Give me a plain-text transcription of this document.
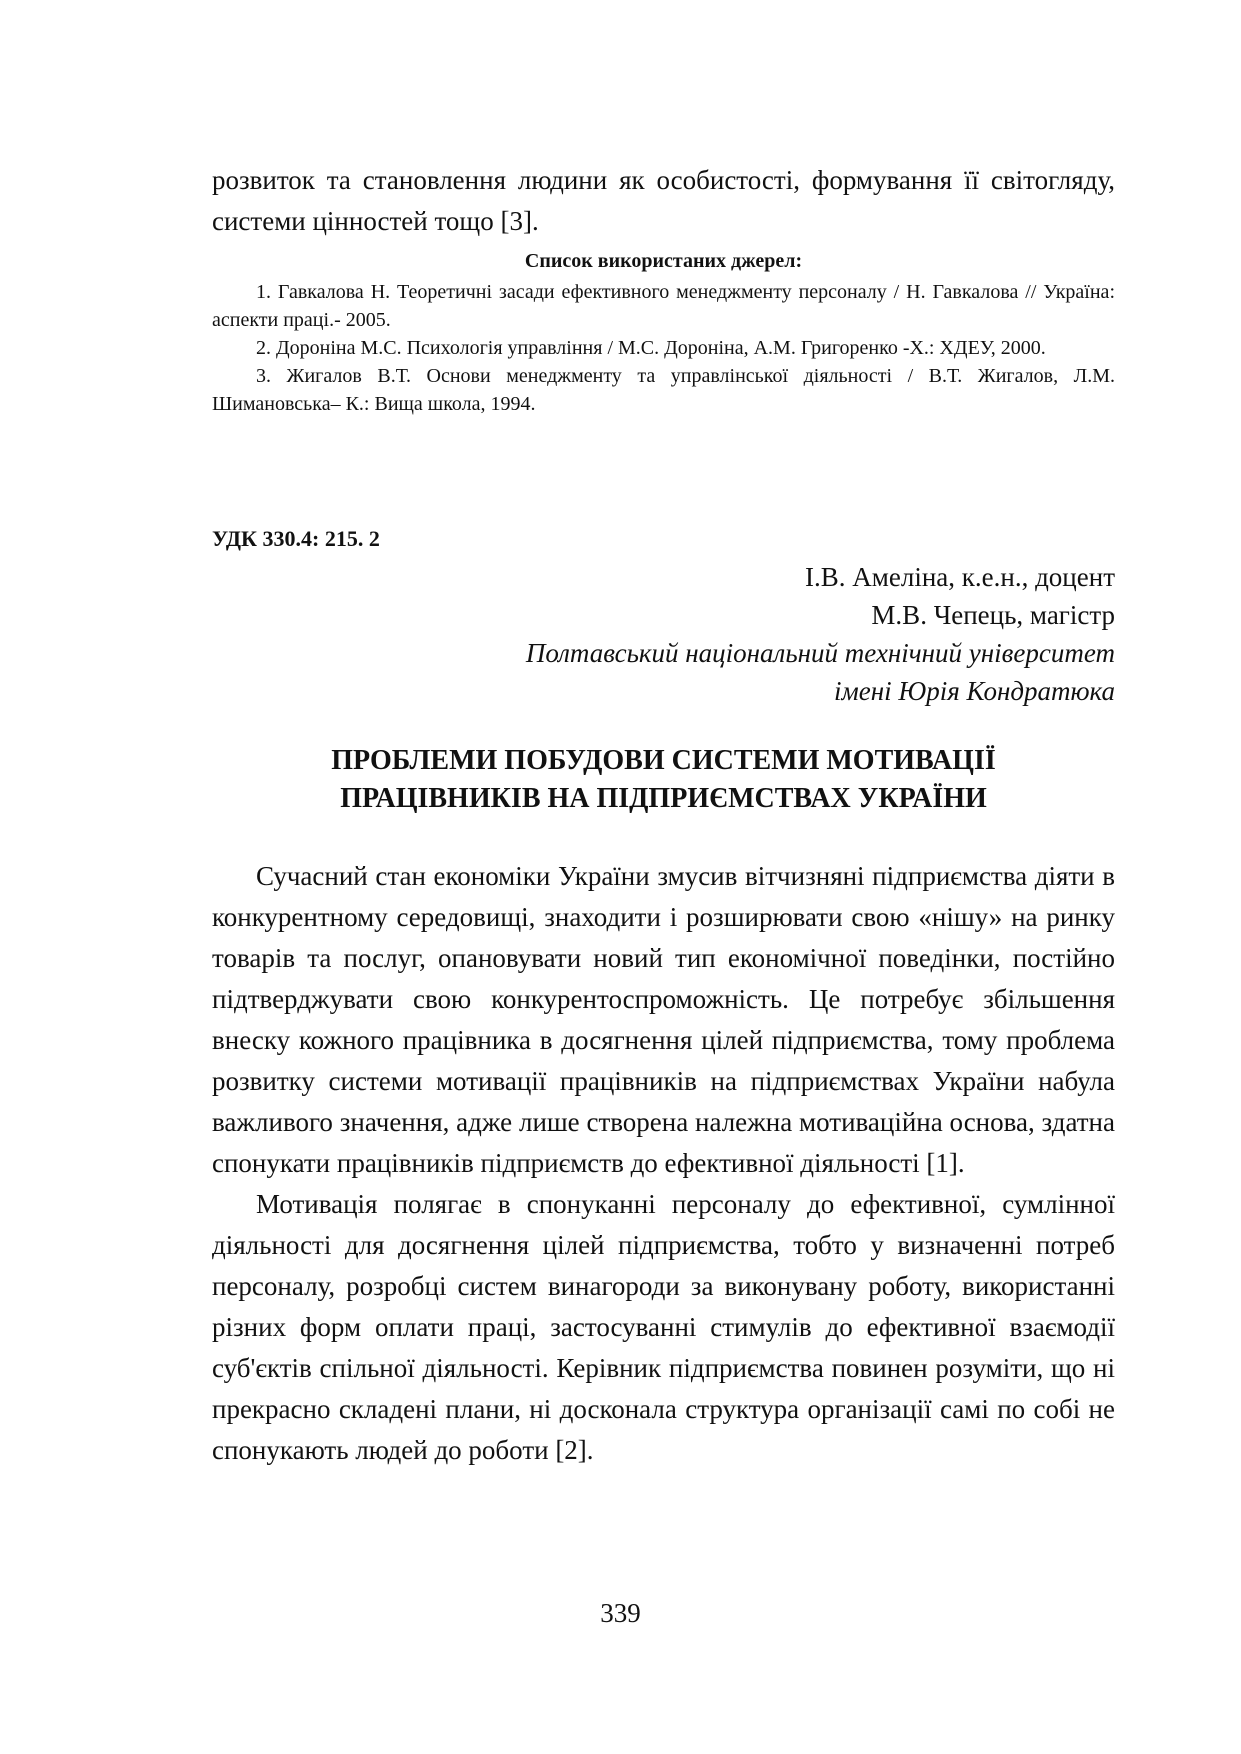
розвиток та становлення людини як особистості, формування її світогляду, системи цінностей тощо [3].

Список використаних джерел:

1. Гавкалова Н. Теоретичні засади ефективного менеджменту персоналу / Н. Гавкалова // Україна: аспекти праці.- 2005.

2. Дороніна М.С. Психологія управління / М.С. Дороніна, А.М. Григоренко -Х.: ХДЕУ, 2000.

3. Жигалов В.Т. Основи менеджменту та управлінської діяльності / В.Т. Жигалов, Л.М. Шимановська– К.: Вища школа, 1994.

УДК 330.4: 215. 2
І.В. Амеліна, к.е.н., доцент
М.В. Чепець, магістр
Полтавський національний технічний університет
імені Юрія Кондратюка
ПРОБЛЕМИ ПОБУДОВИ СИСТЕМИ МОТИВАЦІЇ
ПРАЦІВНИКІВ НА ПІДПРИЄМСТВАХ УКРАЇНИ

Сучасний стан економіки України змусив вітчизняні підприємства діяти в конкурентному середовищі, знаходити і розширювати свою «нішу» на ринку товарів та послуг, опановувати новий тип економічної поведінки, постійно підтверджувати свою конкурентоспроможність. Це потребує збільшення внеску кожного працівника в досягнення цілей підприємства, тому проблема розвитку системи мотивації працівників на підприємствах України набула важливого значення, адже лише створена належна мотиваційна основа, здатна спонукати працівників підприємств до ефективної діяльності [1].

Мотивація полягає в спонуканні персоналу до ефективної, сумлінної діяльності для досягнення цілей підприємства, тобто у визначенні потреб персоналу, розробці систем винагороди за виконувану роботу, використанні різних форм оплати праці, застосуванні стимулів до ефективної взаємодії суб'єктів спільної діяльності. Керівник підприємства повинен розуміти, що ні прекрасно складені плани, ні досконала структура організації самі по собі не спонукають людей до роботи [2].

339
